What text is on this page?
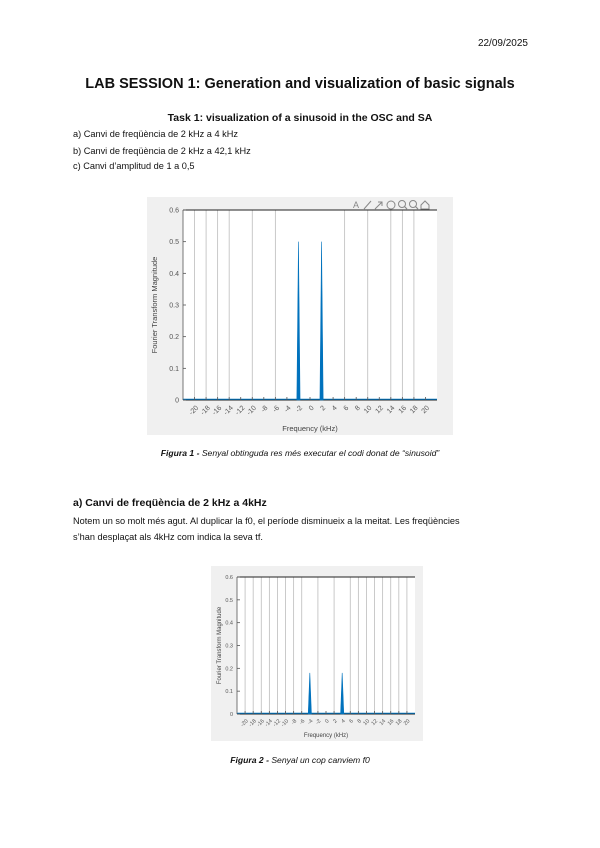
22/09/2025
LAB SESSION 1: Generation and visualization of basic signals
Task 1: visualization of a sinusoid in the OSC and SA
a) Canvi de freqüència de 2 kHz a 4 kHz
b) Canvi de freqüència de 2 kHz a 42,1 kHz
c) Canvi d’amplitud de 1 a 0,5
A
0
0.1
0.2
0.3
0.4
0.5
0.6
-20 -18 -16 -14 -12 -10 -8 -6 -4 -2 0 2 4 6 8 10 12 14 16 18 20
Frequency (kHz)
Fourier Transform Magnitude
Figura 1 - Senyal obtinguda res més executar el codi donat de “sinusoid”
a) Canvi de freqüència de 2 kHz a 4kHz
Notem un so molt més agut. Al duplicar la f0, el període disminueix a la meitat. Les freqüències
s’han desplaçat als 4kHz com indica la seva tf.
0
0.1
0.2
0.3
0.4
0.5
0.6
-20
-18
-16
-14
-12
-10 -8 -6 -4 -2 0 2 4 6 8 10 12 14 16 18 20
Frequency (kHz)
Fourier Transform Magnitude
Figura 2 - Senyal un cop canviem f0
